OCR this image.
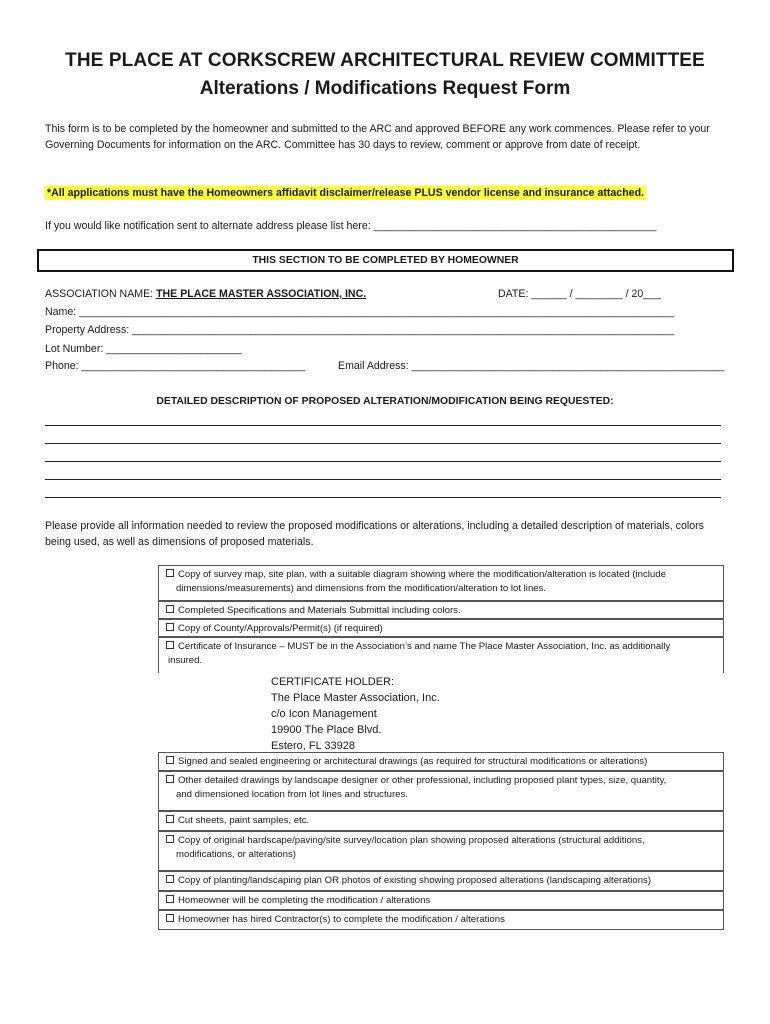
THE PLACE AT CORKSCREW ARCHITECTURAL REVIEW COMMITTEE
Alterations / Modifications Request Form
This form is to be completed by the homeowner and submitted to the ARC and approved BEFORE any work commences. Please refer to your Governing Documents for information on the ARC. Committee has 30 days to review, comment or approve from date of receipt.
*All applications must have the Homeowners affidavit disclaimer/release PLUS vendor license and insurance attached.
If you would like notification sent to alternate address please list here: ________________________________________________
THIS SECTION TO BE COMPLETED BY HOMEOWNER
ASSOCIATION NAME: THE PLACE MASTER ASSOCIATION, INC.	DATE: ______ / ________ / 20___
Name: _____________________________________________________________________________________________________
Property Address: ____________________________________________________________________________________________
Lot Number: _______________________
Phone: ______________________________________	Email Address: _____________________________________________________
DETAILED DESCRIPTION OF PROPOSED ALTERATION/MODIFICATION BEING REQUESTED:
Please provide all information needed to review the proposed modifications or alterations, including a detailed description of materials, colors being used, as well as dimensions of proposed materials.
Copy of survey map, site plan, with a suitable diagram showing where the modification/alteration is located (include
dimensions/measurements) and dimensions from the modification/alteration to lot lines.
Completed Specifications and Materials Submittal including colors.
Copy of County/Approvals/Permit(s) (if required)
Certificate of Insurance – MUST be in the Association’s and name The Place Master Association, Inc. as additionally
insured.
CERTIFICATE HOLDER:
The Place Master Association, Inc.
c/o Icon Management
19900 The Place Blvd.
Estero, FL 33928
Signed and sealed engineering or architectural drawings (as required for structural modifications or alterations)
Other detailed drawings by landscape designer or other professional, including proposed plant types, size, quantity,
and dimensioned location from lot lines and structures.
Cut sheets, paint samples, etc.
Copy of original hardscape/paving/site survey/location plan showing proposed alterations (structural additions,
modifications, or alterations)
Copy of planting/landscaping plan OR photos of existing showing proposed alterations (landscaping alterations)
Homeowner will be completing the modification / alterations
Homeowner has hired Contractor(s) to complete the modification / alterations
